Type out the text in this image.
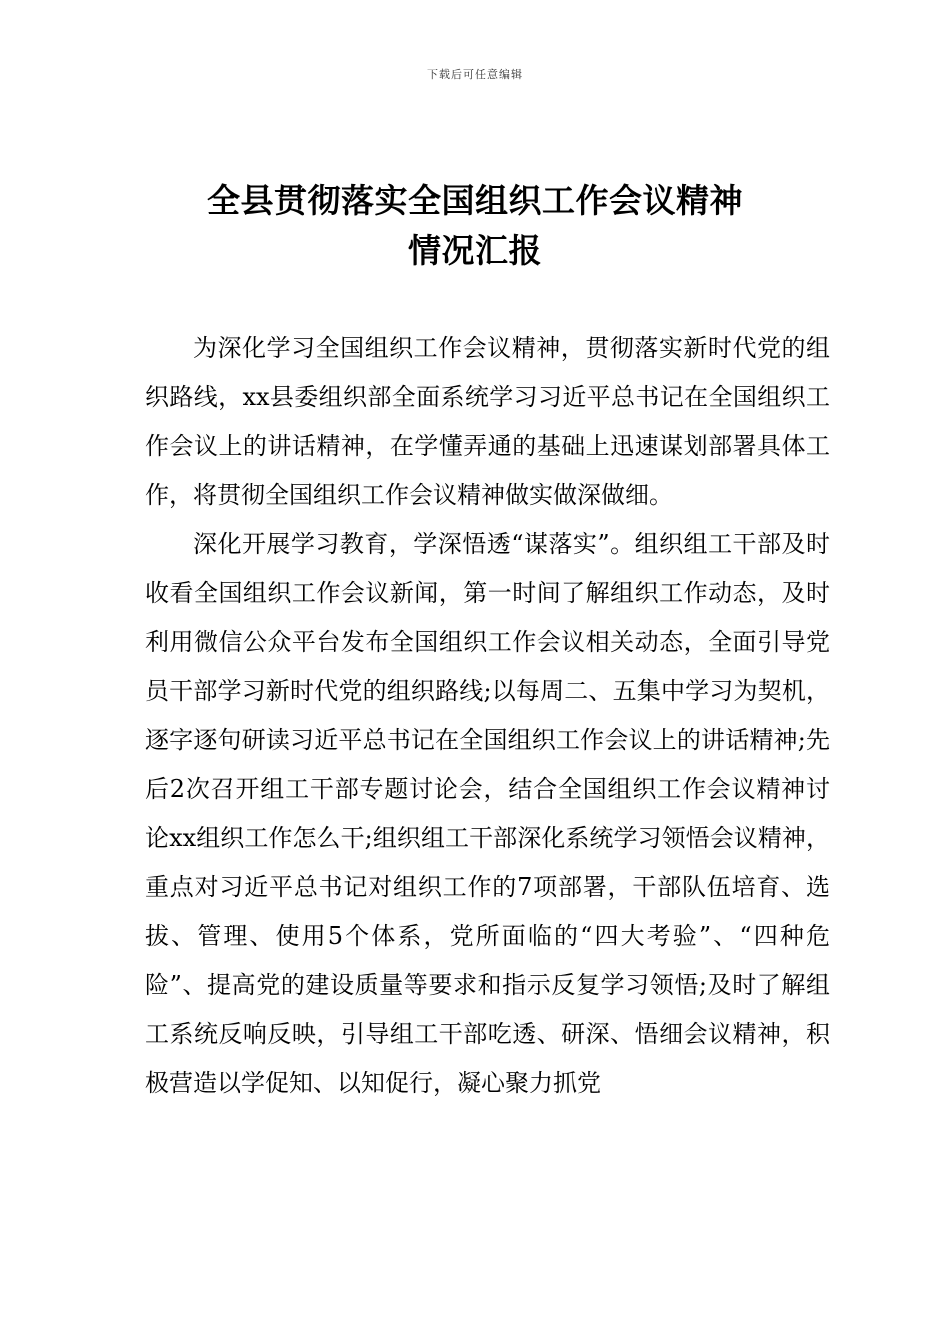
下载后可任意编辑
全县贯彻落实全国组织工作会议精神
情况汇报

为深化学习全国组织工作会议精神，贯彻落实新时代党的组织路线，xx县委组织部全面系统学习习近平总书记在全国组织工作会议上的讲话精神，在学懂弄通的基础上迅速谋划部署具体工作，将贯彻全国组织工作会议精神做实做深做细。

深化开展学习教育，学深悟透“谋落实”。组织组工干部及时收看全国组织工作会议新闻，第一时间了解组织工作动态，及时利用微信公众平台发布全国组织工作会议相关动态，全面引导党员干部学习新时代党的组织路线;以每周二、五集中学习为契机，逐字逐句研读习近平总书记在全国组织工作会议上的讲话精神;先后2次召开组工干部专题讨论会，结合全国组织工作会议精神讨论xx组织工作怎么干;组织组工干部深化系统学习领悟会议精神，重点对习近平总书记对组织工作的7项部署，干部队伍培育、选拔、管理、使用5个体系，党所面临的“四大考验”、“四种危险”、提高党的建设质量等要求和指示反复学习领悟;及时了解组工系统反响反映，引导组工干部吃透、研深、悟细会议精神，积极营造以学促知、以知促行，凝心聚力抓党
